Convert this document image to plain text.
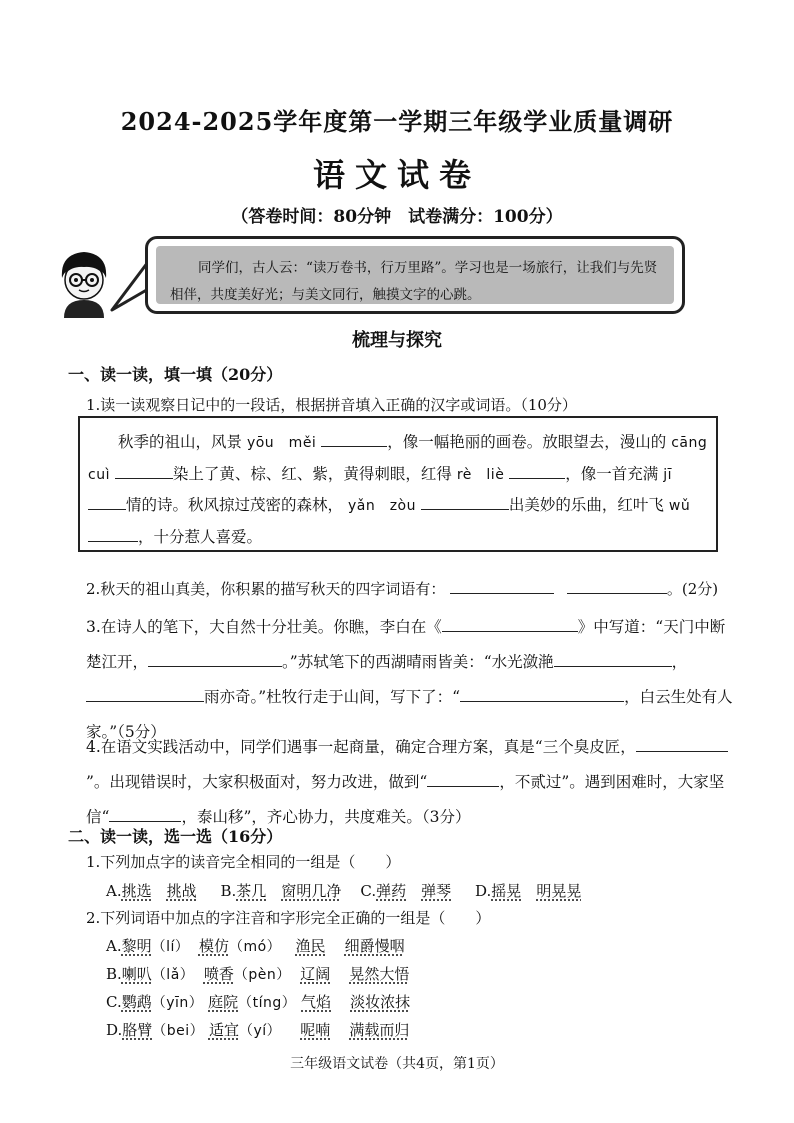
2024-2025学年度第一学期三年级学业质量调研
语文试卷
（答卷时间：80分钟　试卷满分：100分）
同学们，古人云：“读万卷书，行万里路”。学习也是一场旅行，让我们与先贤相伴，共度美好光；与美文同行，触摸文字的心跳。
梳理与探究
一、读一读，填一填（20分）
1.读一读观察日记中的一段话，根据拼音填入正确的汉字或词语。（10分）
秋季的祖山，风景 yōu　měi	，像一幅艳丽的画卷。放眼望去，漫山的 cāng　cuì	染上了黄、棕、红、紫，黄得刺眼，红得 rè　liè	，像一首充满 jī 情的诗。秋风掠过茂密的森林， yǎn　zòu	出美妙的乐曲，红叶飞 wǔ ，十分惹人喜爱。
2.秋天的祖山真美，你积累的描写秋天的四字词语有：	。(2分)
3.在诗人的笔下，大自然十分壮美。你瞧，李白在《	》中写道：“天门中断楚江开，	。”苏轼笔下的西湖晴雨皆美：“水光潋滟	，雨亦奇。”杜牧行走于山间，写下了：“	，白云生处有人家。”（5分）
4.在语文实践活动中，同学们遇事一起商量，确定合理方案，真是“三个臭皮匠，”。出现错误时，大家积极面对，努力改进，做到“	，不贰过”。遇到困难时，大家坚信“	，泰山移”，齐心协力，共度难关。（3分）
二、读一读，选一选（16分）
1.下列加点字的读音完全相同的一组是（　　）
A.挑选　 挑战 B.茶几　 窗明几净 C.弹药　 弹琴 D.摇晃　 明晃晃
2.下列词语中加点的字注音和字形完全正确的一组是（　　）
A.黎明（lí） 模仿（mó） 渔民 细爵慢咽
B.喇叭（lǎ） 喷香（pèn） 辽阔 晃然大悟
C.鹦鹉（yīn） 庭院（tíng） 气焰 淡妆浓抹
D.胳臂（bei） 适宜（yí） 呢喃 满载而归
三年级语文试卷（共4页，第1页）
